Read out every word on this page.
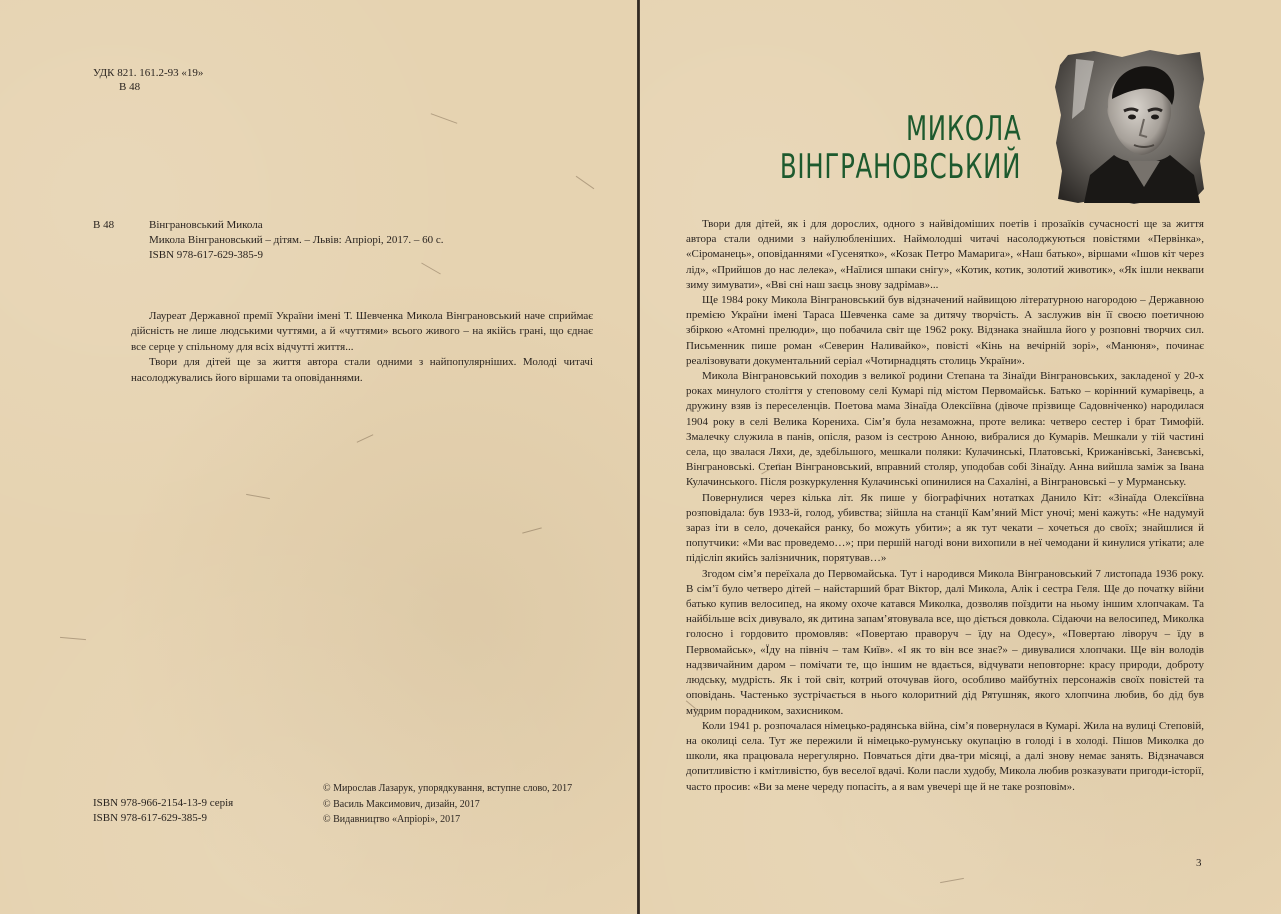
УДК 821. 161.2-93 «19»

В 48

В 48	Вінграновський Микола
Микола Вінграновський – дітям. – Львів: Апріорі, 2017. – 60 с.
ISBN 978-617-629-385-9

Лауреат Державної премії України імені Т. Шевченка Микола Вінграновський наче сприймає дійсність не лише людськими чуттями, а й «чуттями» всього живого – на якійсь грані, що єднає все серце у спільному для всіх відчутті життя...

Твори для дітей ще за життя автора стали одними з найпопулярніших. Молоді читачі насолоджувались його віршами та оповіданнями.

ISBN 978-966-2154-13-9 серія
ISBN 978-617-629-385-9
© Мирослав Лазарук, упорядкування, вступне слово, 2017
© Василь Максимович, дизайн, 2017
© Видавництво «Апріорі», 2017
МИКОЛА
ВІНГРАНОВСЬКИЙ

Твори для дітей, як і для дорослих, одного з найвідоміших поетів і прозаїків сучасності ще за життя автора стали одними з найулюбленіших. Наймолодші читачі насолоджуються повістями «Первінка», «Сіроманець», оповіданнями «Гусенятко», «Козак Петро Мамарига», «Наш батько», віршами «Ішов кіт через лід», «Прийшов до нас лелека», «Наїлися шпаки снігу», «Котик, котик, золотий животик», «Як ішли неквапи зиму зимувати», «Вві сні наш заєць знову задрімав»...

Ще 1984 року Микола Вінграновський був відзначений найвищою літературною нагородою – Державною премією України імені Тараса Шевченка саме за дитячу творчість. А заслужив він її своєю поетичною збіркою «Атомні прелюди», що побачила світ ще 1962 року. Відзнака знайшла його у розповні творчих сил. Письменник пише роман «Северин Наливайко», повісті «Кінь на вечірній зорі», «Манюня», починає реалізовувати документальний серіал «Чотирнадцять столиць України».

Микола Вінграновський походив з великої родини Степана та Зінаїди Вінграновських, закладеної у 20-х роках минулого століття у степовому селі Кумарі під містом Первомайськ. Батько – корінний кумарівець, а дружину взяв із переселенців. Поетова мама Зінаїда Олексіївна (дівоче прізвище Садовніченко) народилася 1904 року в селі Велика Корениха. Сім’я була незаможна, проте велика: четверо сестер і брат Тимофій. Змалечку служила в панів, опісля, разом із сестрою Анною, вибралися до Кумарів. Мешкали у тій частині села, що звалася Ляхи, де, здебільшого, мешкали поляки: Кулачинські, Платовські, Крижанівські, Занєвські, Вінграновські. Степан Вінграновський, вправний столяр, уподобав собі Зінаїду. Анна вийшла заміж за Івана Кулачинського. Після розкуркулення Кулачинські опинилися на Сахаліні, а Вінграновські – у Мурманську.

Повернулися через кілька літ. Як пише у біографічних нотатках Данило Кіт: «Зінаїда Олексіївна розповідала: був 1933-й, голод, убивства; зійшла на станції Кам’яний Міст уночі; мені кажуть: «Не надумуй зараз іти в село, дочекайся ранку, бо можуть убити»; а як тут чекати – хочеться до своїх; знайшлися й попутчики: «Ми вас проведемо…»; при першій нагоді вони вихопили в неї чемодани й кинулися утікати; але підісліп якийсь залізничник, порятував…»

Згодом сім’я переїхала до Первомайська. Тут і народився Микола Вінграновський 7 листопада 1936 року. В сім’ї було четверо дітей – найстарший брат Віктор, далі Микола, Алік і сестра Геля. Ще до початку війни батько купив велосипед, на якому охоче катався Миколка, дозволяв поїздити на ньому іншим хлопчакам. Та найбільше всіх дивувало, як дитина запам’ятовувала все, що діється довкола. Сідаючи на велосипед, Миколка голосно і гордовито промовляв: «Повертаю праворуч – їду на Одесу», «Повертаю ліворуч – їду в Первомайськ», «Їду на північ – там Київ». «І як то він все знає?» – дивувалися хлопчаки. Ще він володів надзвичайним даром – помічати те, що іншим не вдається, відчувати неповторне: красу природи, доброту людську, мудрість. Як і той світ, котрий оточував його, особливо майбутніх персонажів своїх повістей та оповідань. Частенько зустрічається в нього колоритний дід Рятушняк, якого хлопчина любив, бо дід був мудрим порадником, захисником.

Коли 1941 р. розпочалася німецько-радянська війна, сім’я повернулася в Кумарі. Жила на вулиці Степовій, на околиці села. Тут же пережили й німецько-румунську окупацію в голоді і в холоді. Пішов Миколка до школи, яка працювала нерегулярно. Повчаться діти два-три місяці, а далі знову немає занять. Відзначався допитливістю і кмітливістю, був веселої вдачі. Коли пасли худобу, Микола любив розказувати пригоди-історії, часто просив: «Ви за мене череду попасіть, а я вам увечері ще й не таке розповім».

3
